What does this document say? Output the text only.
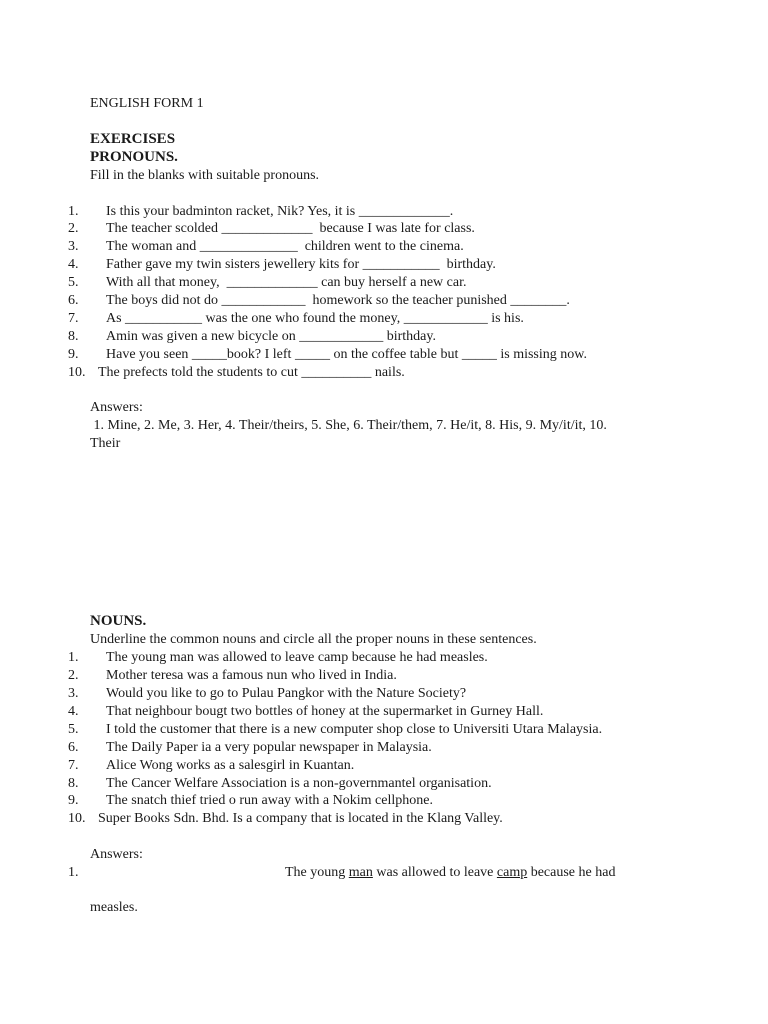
ENGLISH FORM 1
EXERCISES
PRONOUNS.
Fill in the blanks with suitable pronouns.
1. Is this your badminton racket, Nik? Yes, it is _____________.
2. The teacher scolded _____________  because I was late for class.
3. The woman and ______________  children went to the cinema.
4. Father gave my twin sisters jewellery kits for ___________  birthday.
5. With all that money,  _____________ can buy herself a new car.
6. The boys did not do ____________  homework so the teacher punished ________.
7. As ___________ was the one who found the money, ____________ is his.
8. Amin was given a new bicycle on ____________ birthday.
9. Have you seen _____book? I left _____ on the coffee table but _____ is missing now.
10. The prefects told the students to cut __________ nails.
Answers:
1. Mine, 2. Me, 3. Her, 4. Their/theirs, 5. She, 6. Their/them, 7. He/it, 8. His, 9. My/it/it, 10.
Their
NOUNS.
Underline the common nouns and circle all the proper nouns in these sentences.
1. The young man was allowed to leave camp because he had measles.
2. Mother teresa was a famous nun who lived in India.
3. Would you like to go to Pulau Pangkor with the Nature Society?
4. That neighbour bougt two bottles of honey at the supermarket in Gurney Hall.
5. I told the customer that there is a new computer shop close to Universiti Utara Malaysia.
6. The Daily Paper ia a very popular newspaper in Malaysia.
7. Alice Wong works as a salesgirl in Kuantan.
8. The Cancer Welfare Association is a non-governmantel organisation.
9. The snatch thief tried o run away with a Nokim cellphone.
10. Super Books Sdn. Bhd. Is a company that is located in the Klang Valley.
Answers:
1.	The young man was allowed to leave camp because he had
measles.
